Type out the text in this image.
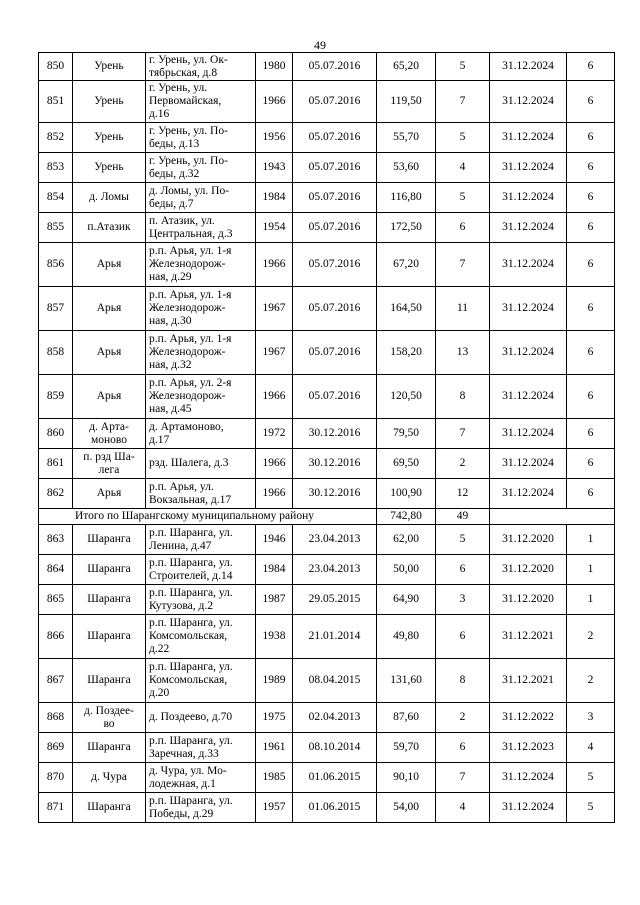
49
850	Урень	г. Урень, ул. Ок-
тябрьская, д.8	1980	05.07.2016	65,20	5	31.12.2024	6
851	Урень	г. Урень, ул.
Первомайская,
д.16	1966	05.07.2016	119,50	7	31.12.2024	6
852	Урень	г. Урень, ул. По-
беды, д.13	1956	05.07.2016	55,70	5	31.12.2024	6
853	Урень	г. Урень, ул. По-
беды, д.32	1943	05.07.2016	53,60	4	31.12.2024	6
854	д. Ломы	д. Ломы, ул. По-
беды, д.7	1984	05.07.2016	116,80	5	31.12.2024	6
855	п.Атазик	п. Атазик, ул.
Центральная, д.3	1954	05.07.2016	172,50	6	31.12.2024	6
856	Арья	р.п. Арья, ул. 1-я
Железнодорож-
ная, д.29	1966	05.07.2016	67,20	7	31.12.2024	6
857	Арья	р.п. Арья, ул. 1-я
Железнодорож-
ная, д.30	1967	05.07.2016	164,50	11	31.12.2024	6
858	Арья	р.п. Арья, ул. 1-я
Железнодорож-
ная, д.32	1967	05.07.2016	158,20	13	31.12.2024	6
859	Арья	р.п. Арья, ул. 2-я
Железнодорож-
ная, д.45	1966	05.07.2016	120,50	8	31.12.2024	6
860	д. Арта-
моново	д. Артамоново,
д.17	1972	30.12.2016	79,50	7	31.12.2024	6
861	п. рзд Ша-
лега	рзд. Шалега, д.3	1966	30.12.2016	69,50	2	31.12.2024	6
862	Арья	р.п. Арья, ул.
Вокзальная, д.17	1966	30.12.2016	100,90	12	31.12.2024	6
Итого по Шарангскому муниципальному району					742,80	49		
863	Шаранга	р.п. Шаранга, ул.
Ленина, д.47	1946	23.04.2013	62,00	5	31.12.2020	1
864	Шаранга	р.п. Шаранга, ул.
Строителей, д.14	1984	23.04.2013	50,00	6	31.12.2020	1
865	Шаранга	р.п. Шаранга, ул.
Кутузова, д.2	1987	29.05.2015	64,90	3	31.12.2020	1
866	Шаранга	р.п. Шаранга, ул.
Комсомольская,
д.22	1938	21.01.2014	49,80	6	31.12.2021	2
867	Шаранга	р.п. Шаранга, ул.
Комсомольская,
д.20	1989	08.04.2015	131,60	8	31.12.2021	2
868	д. Поздее-
во	д. Поздеево, д.70	1975	02.04.2013	87,60	2	31.12.2022	3
869	Шаранга	р.п. Шаранга, ул.
Заречная, д.33	1961	08.10.2014	59,70	6	31.12.2023	4
870	д. Чура	д. Чура, ул. Мо-
лодежная, д.1	1985	01.06.2015	90,10	7	31.12.2024	5
871	Шаранга	р.п. Шаранга, ул.
Победы, д.29	1957	01.06.2015	54,00	4	31.12.2024	5
